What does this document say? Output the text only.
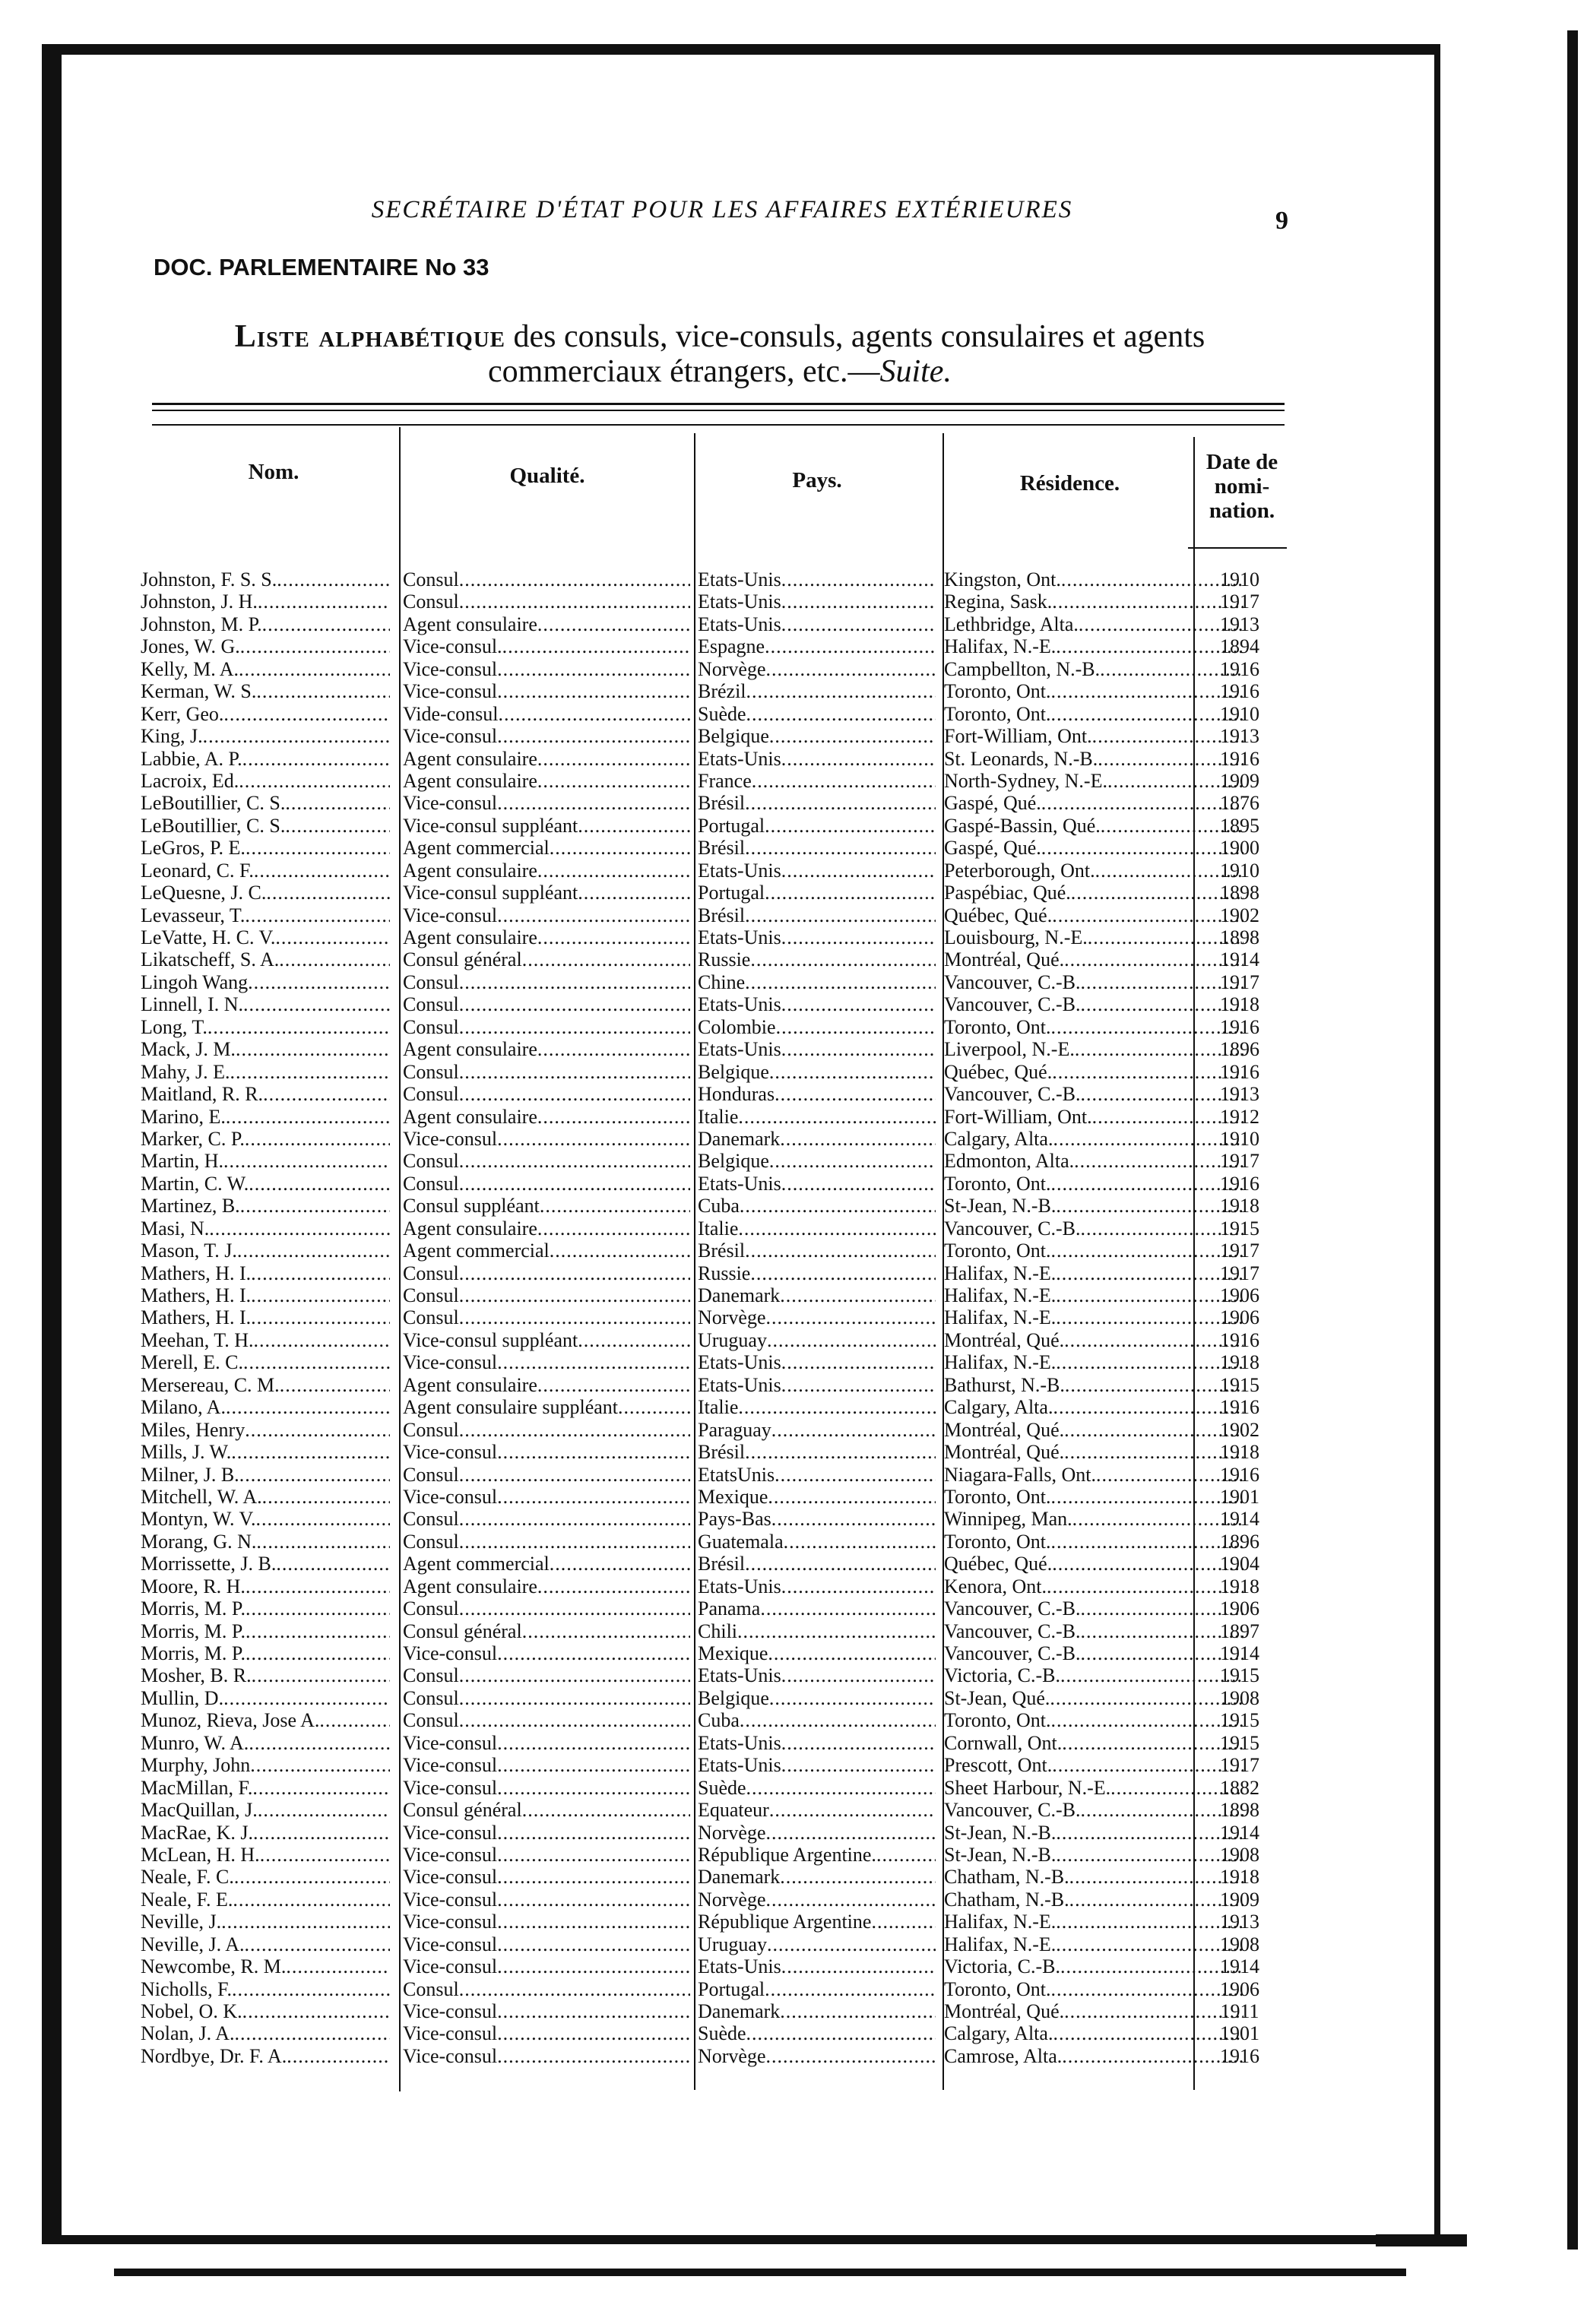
SECRÉTAIRE D'ÉTAT POUR LES AFFAIRES EXTÉRIEURES	9
DOC. PARLEMENTAIRE No 33
Liste alphabétique des consuls, vice-consuls, agents consulaires et agents commerciaux étrangers, etc.—Suite.
Nom.	Qualité.	Pays.	Résidence.
Date de nomi-nation.
Johnston, F. S. S. .....	Consul .....	Etats-Unis .....	Kingston, Ont. .....	1910
Johnston, J. H. .....	Consul .....	Etats-Unis .....	Regina, Sask. .....	1917
Johnston, M. P. .....	Agent consulaire .....	Etats-Unis .....	Lethbridge, Alta. .....	1913
Jones, W. G. .....	Vice-consul. .....	Espagne .....	Halifax, N.-E. .....	1894
Kelly, M. A. .....	Vice-consul .....	Norvège .....	Campbellton, N.-B. .....	1916
Kerman, W. S. .....	Vice-consul .....	Brézil .....	Toronto, Ont. .....	1916
Kerr, Geo. .....	Vide-consul .....	Suède .....	Toronto, Ont. .....	1910
King, J. .....	Vice-consul .....	Belgique .....	Fort-William, Ont. .....	1913
Labbie, A. P. .....	Agent consulaire .....	Etats-Unis .....	St. Leonards, N.-B. .....	1916
Lacroix, Ed. .....	Agent consulaire .....	France .....	North-Sydney, N.-E. .....	1909
LeBoutillier, C. S. .....	Vice-consul .....	Brésil .....	Gaspé, Qué. .....	1876
LeBoutillier, C. S. .....	Vice-consul suppléant .....	Portugal .....	Gaspé-Bassin, Qué. .....	1895
LeGros, P. E. .....	Agent commercial .....	Brésil .....	Gaspé, Qué. .....	1900
Leonard, C. F. .....	Agent consulaire .....	Etats-Unis .....	Peterborough, Ont. .....	1910
LeQuesne, J. C. .....	Vice-consul suppléant .....	Portugal .....	Paspébiac, Qué. .....	1898
Levasseur, T. .....	Vice-consul .....	Brésil .....	Québec, Qué. .....	1902
LeVatte, H. C. V. .....	Agent consulaire .....	Etats-Unis .....	Louisbourg, N.-E. .....	1898
Likatscheff, S. A. .....	Consul général .....	Russie .....	Montréal, Qué. .....	1914
Lingoh Wang .....	Consul .....	Chine .....	Vancouver, C.-B. .....	1917
Linnell, I. N. .....	Consul .....	Etats-Unis .....	Vancouver, C.-B. .....	1918
Long, T. .....	Consul .....	Colombie .....	Toronto, Ont. .....	1916
Mack, J. M. .....	Agent consulaire .....	Etats-Unis .....	Liverpool, N.-E. .....	1896
Mahy, J. E. .....	Consul .....	Belgique .....	Québec, Qué. .....	1916
Maitland, R. R. .....	Consul .....	Honduras .....	Vancouver, C.-B. .....	1913
Marino, E. .....	Agent consulaire .....	Italie .....	Fort-William, Ont. .....	1912
Marker, C. P. .....	Vice-consul .....	Danemark .....	Calgary, Alta. .....	1910
Martin, H. .....	Consul .....	Belgique .....	Edmonton, Alta. .....	1917
Martin, C. W. .....	Consul .....	Etats-Unis .....	Toronto, Ont. .....	1916
Martinez, B. .....	Consul suppléant .....	Cuba .....	St-Jean, N.-B. .....	1918
Masi, N. .....	Agent consulaire .....	Italie .....	Vancouver, C.-B. .....	1915
Mason, T. J. .....	Agent commercial .....	Brésil .....	Toronto, Ont. .....	1917
Mathers, H. I. .....	Consul .....	Russie .....	Halifax, N.-E. .....	1917
Mathers, H. I. .....	Consul .....	Danemark .....	Halifax, N.-E. .....	1906
Mathers, H. I. .....	Consul .....	Norvège .....	Halifax, N.-E. .....	1906
Meehan, T. H. .....	Vice-consul suppléant .....	Uruguay .....	Montréal, Qué. .....	1916
Merell, E. C. .....	Vice-consul .....	Etats-Unis .....	Halifax, N.-E. .....	1918
Mersereau, C. M. .....	Agent consulaire .....	Etats-Unis .....	Bathurst, N.-B. .....	1915
Milano, A. .....	Agent consulaire suppléant .....	Italie .....	Calgary, Alta. .....	1916
Miles, Henry .....	Consul .....	Paraguay .....	Montréal, Qué. .....	1902
Mills, J. W. .....	Vice-consul .....	Brésil .....	Montréal, Qué. .....	1918
Milner, J. B. .....	Consul .....	EtatsUnis .....	Niagara-Falls, Ont. .....	1916
Mitchell, W. A. .....	Vice-consul .....	Mexique .....	Toronto, Ont. .....	1901
Montyn, W. V. .....	Consul .....	Pays-Bas .....	Winnipeg, Man. .....	1914
Morang, G. N. .....	Consul .....	Guatemala .....	Toronto, Ont. .....	1896
Morrissette, J. B. .....	Agent commercial .....	Brésil .....	Québec, Qué. .....	1904
Moore, R. H. .....	Agent consulaire .....	Etats-Unis .....	Kenora, Ont. .....	1918
Morris, M. P. .....	Consul .....	Panama .....	Vancouver, C.-B. .....	1906
Morris, M. P. .....	Consul général .....	Chili .....	Vancouver, C.-B. .....	1897
Morris, M. P. .....	Vice-consul .....	Mexique .....	Vancouver, C.-B. .....	1914
Mosher, B. R. .....	Consul .....	Etats-Unis .....	Victoria, C.-B. .....	1915
Mullin, D. .....	Consul .....	Belgique .....	St-Jean, Qué. .....	1908
Munoz, Rieva, Jose A. .....	Consul .....	Cuba .....	Toronto, Ont. .....	1915
Munro, W. A. .....	Vice-consul .....	Etats-Unis .....	Cornwall, Ont. .....	1915
Murphy, John .....	Vice-consul .....	Etats-Unis .....	Prescott, Ont. .....	1917
MacMillan, F. .....	Vice-consul .....	Suède .....	Sheet Harbour, N.-E. .....	1882
MacQuillan, J. .....	Consul général .....	Equateur .....	Vancouver, C.-B. .....	1898
MacRae, K. J. .....	Vice-consul .....	Norvège .....	St-Jean, N.-B. .....	1914
McLean, H. H. .....	Vice-consul .....	République Argentine. .....	St-Jean, N.-B. .....	1908
Neale, F. C. .....	Vice-consul .....	Danemark .....	Chatham, N.-B. .....	1918
Neale, F. E. .....	Vice-consul .....	Norvège .....	Chatham, N.-B. .....	1909
Neville, J. .....	Vice-consul .....	République Argentine .....	Halifax, N.-E. .....	1913
Neville, J. A. .....	Vice-consul .....	Uruguay .....	Halifax, N.-E. .....	1908
Newcombe, R. M. .....	Vice-consul .....	Etats-Unis .....	Victoria, C.-B. .....	1914
Nicholls, F. .....	Consul .....	Portugal .....	Toronto, Ont. .....	1906
Nobel, O. K. .....	Vice-consul .....	Danemark .....	Montréal, Qué. .....	1911
Nolan, J. A. .....	Vice-consul .....	Suède .....	Calgary, Alta. .....	1901
Nordbye, Dr. F. A. .....	Vice-consul .....	Norvège .....	Camrose, Alta. .....	1916
